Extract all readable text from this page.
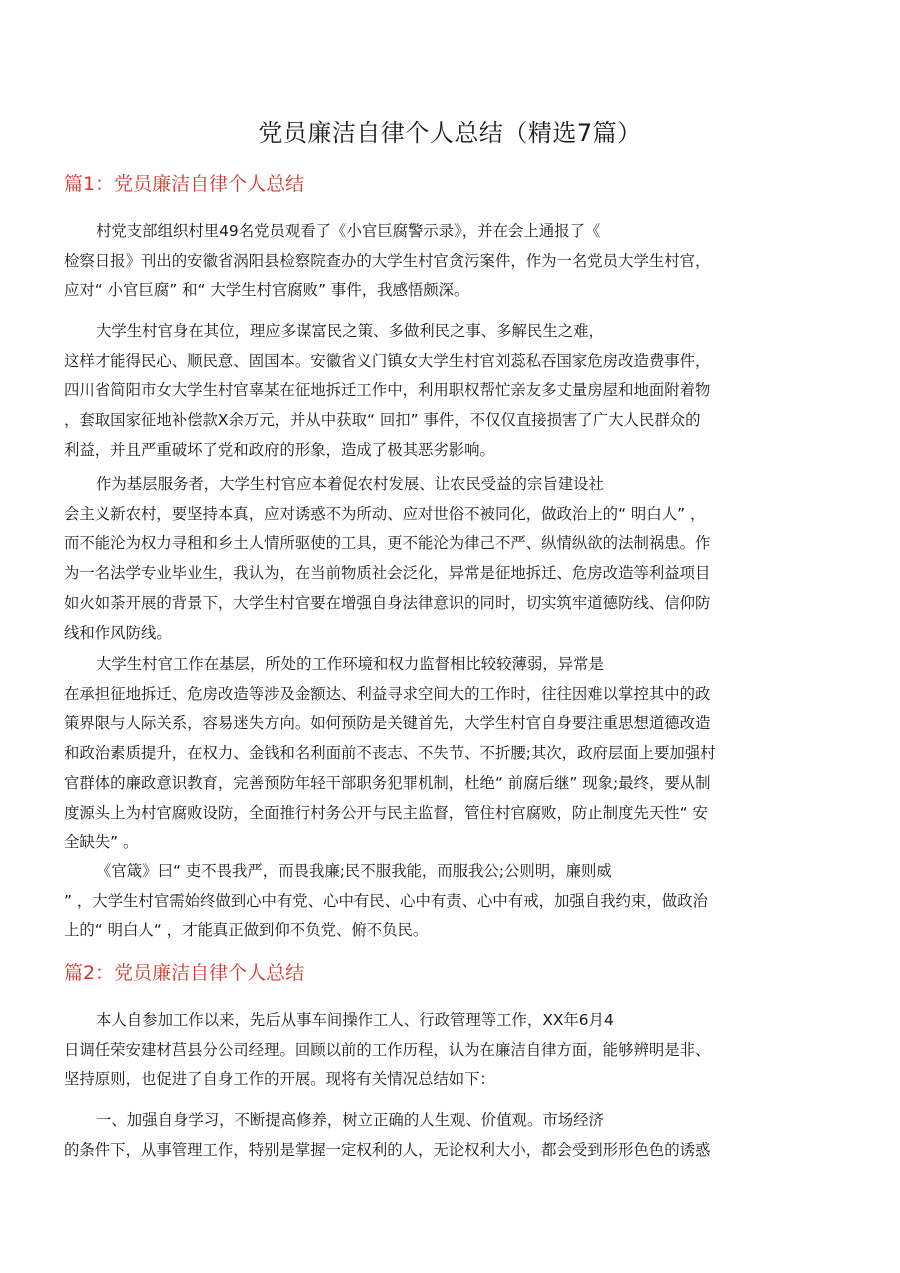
党员廉洁自律个人总结（精选7篇）
篇1：党员廉洁自律个人总结

村党支部组织村里49名党员观看了《小官巨腐警示录》，并在会上通报了《
检察日报》刊出的安徽省涡阳县检察院查办的大学生村官贪污案件，作为一名党员大学生村官，
应对“ 小官巨腐” 和“ 大学生村官腐败” 事件，我感悟颇深。

大学生村官身在其位，理应多谋富民之策、多做利民之事、多解民生之难，
这样才能得民心、顺民意、固国本。安徽省义门镇女大学生村官刘蕊私吞国家危房改造费事件，
四川省简阳市女大学生村官辜某在征地拆迁工作中，利用职权帮忙亲友多丈量房屋和地面附着物
，套取国家征地补偿款X余万元，并从中获取“ 回扣” 事件，不仅仅直接损害了广大人民群众的
利益，并且严重破坏了党和政府的形象，造成了极其恶劣影响。

作为基层服务者，大学生村官应本着促农村发展、让农民受益的宗旨建设社
会主义新农村，要坚持本真，应对诱惑不为所动、应对世俗不被同化，做政治上的“ 明白人” ，
而不能沦为权力寻租和乡土人情所驱使的工具，更不能沦为律己不严、纵情纵欲的法制祸患。作
为一名法学专业毕业生，我认为，在当前物质社会泛化，异常是征地拆迁、危房改造等利益项目
如火如荼开展的背景下，大学生村官要在增强自身法律意识的同时，切实筑牢道德防线、信仰防
线和作风防线。

大学生村官工作在基层，所处的工作环境和权力监督相比较较薄弱，异常是
在承担征地拆迁、危房改造等涉及金额达、利益寻求空间大的工作时，往往因难以掌控其中的政
策界限与人际关系，容易迷失方向。如何预防是关键首先，大学生村官自身要注重思想道德改造
和政治素质提升，在权力、金钱和名利面前不丧志、不失节、不折腰;其次，政府层面上要加强村
官群体的廉政意识教育，完善预防年轻干部职务犯罪机制，杜绝“ 前腐后继” 现象;最终，要从制
度源头上为村官腐败设防，全面推行村务公开与民主监督，管住村官腐败，防止制度先天性“ 安
全缺失” 。

《官箴》曰“ 吏不畏我严，而畏我廉;民不服我能，而服我公;公则明，廉则威
” ，大学生村官需始终做到心中有党、心中有民、心中有责、心中有戒，加强自我约束，做政治
上的“ 明白人“ ，才能真正做到仰不负党、俯不负民。

篇2：党员廉洁自律个人总结

本人自参加工作以来，先后从事车间操作工人、行政管理等工作，XX年6月4
日调任荣安建材莒县分公司经理。回顾以前的工作历程，认为在廉洁自律方面，能够辨明是非、
坚持原则，也促进了自身工作的开展。现将有关情况总结如下：

一、加强自身学习，不断提高修养，树立正确的人生观、价值观。市场经济
的条件下，从事管理工作，特别是掌握一定权利的人，无论权利大小，都会受到形形色色的诱惑
